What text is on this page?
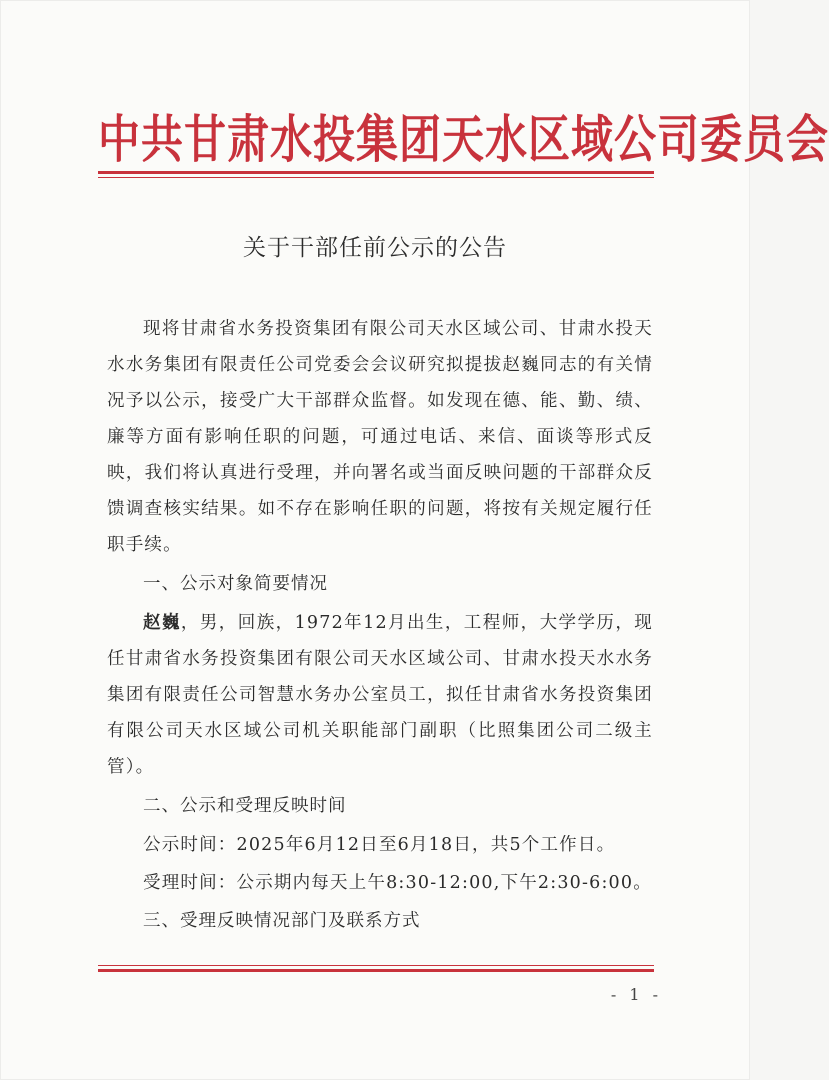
中共甘肃水投集团天水区域公司委员会
关于干部任前公示的公告

现将甘肃省水务投资集团有限公司天水区域公司、甘肃水投天水水务集团有限责任公司党委会会议研究拟提拔赵巍同志的有关情况予以公示，接受广大干部群众监督。如发现在德、能、勤、绩、廉等方面有影响任职的问题，可通过电话、来信、面谈等形式反映，我们将认真进行受理，并向署名或当面反映问题的干部群众反馈调查核实结果。如不存在影响任职的问题，将按有关规定履行任职手续。

一、公示对象简要情况

赵巍，男，回族，1972年12月出生，工程师，大学学历，现任甘肃省水务投资集团有限公司天水区域公司、甘肃水投天水水务集团有限责任公司智慧水务办公室员工，拟任甘肃省水务投资集团有限公司天水区域公司机关职能部门副职（比照集团公司二级主管）。

二、公示和受理反映时间

公示时间：2025年6月12日至6月18日，共5个工作日。

受理时间：公示期内每天上午8:30-12:00,下午2:30-6:00。

三、受理反映情况部门及联系方式

- 1 -
